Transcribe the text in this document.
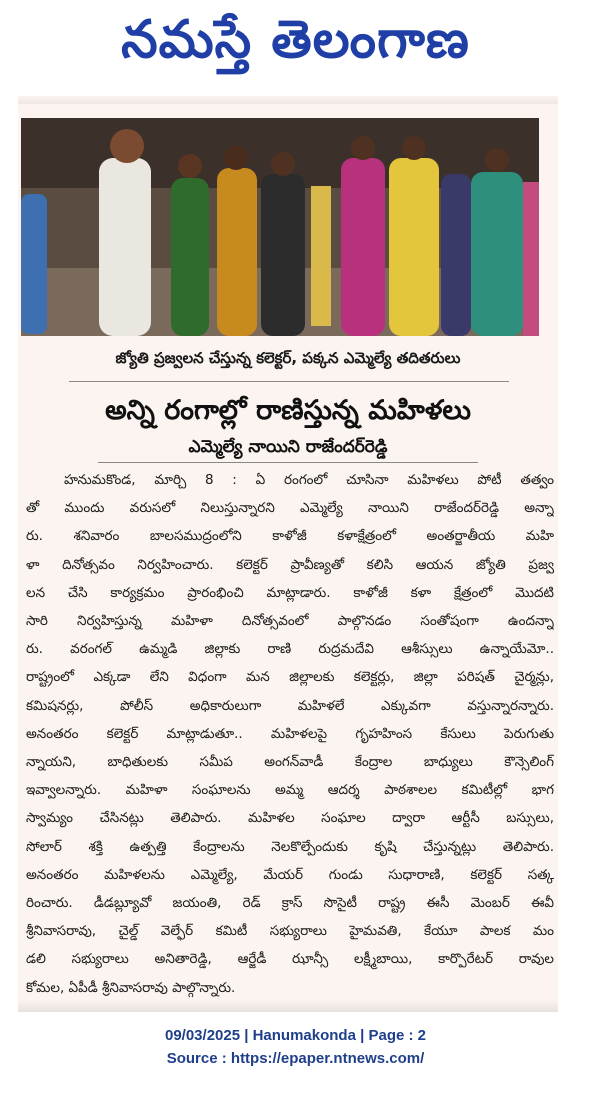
నమస్తే తెలంగాణ
జ్యోతి ప్రజ్వలన చేస్తున్న కలెక్టర్, పక్కన ఎమ్మెల్యే తదితరులు
అన్ని రంగాల్లో రాణిస్తున్న మహిళలు
ఎమ్మెల్యే నాయిని రాజేందర్‌రెడ్డి
హనుమకొండ, మార్చి 8 : ఏ రంగంలో చూసినా మహిళలు పోటీ తత్వం
తో ముందు వరుసలో నిలుస్తున్నారని ఎమ్మెల్యే నాయిని రాజేందర్‌రెడ్డి అన్నా
రు. శనివారం బాలసముద్రంలోని కాళోజీ కళాక్షేత్రంలో అంతర్జాతీయ మహి
ళా దినోత్సవం నిర్వహించారు. కలెక్టర్ ప్రావీణ్యతో కలిసి ఆయన జ్యోతి ప్రజ్వ
లన చేసి కార్యక్రమం ప్రారంభించి మాట్లాడారు. కాళోజీ కళా క్షేత్రంలో మొదటి
సారి నిర్వహిస్తున్న మహిళా దినోత్సవంలో పాల్గొనడం సంతోషంగా ఉందన్నా
రు. వరంగల్ ఉమ్మడి జిల్లాకు రాణి రుద్రమదేవి ఆశీస్సులు ఉన్నాయేమో..
రాష్ట్రంలో ఎక్కడా లేని విధంగా మన జిల్లాలకు కలెక్టర్లు, జిల్లా పరిషత్ చైర్మన్లు,
కమిషనర్లు, పోలీస్ అధికారులుగా మహిళలే ఎక్కువగా వస్తున్నారన్నారు.
అనంతరం కలెక్టర్ మాట్లాడుతూ.. మహిళలపై గృహహింస కేసులు పెరుగుతు
న్నాయని, బాధితులకు సమీప అంగన్‌వాడీ కేంద్రాల బాధ్యులు కౌన్సెలింగ్
ఇవ్వాలన్నారు. మహిళా సంఘాలను అమ్మ ఆదర్శ పాఠశాలల కమిటీల్లో భాగ
స్వామ్యం చేసినట్లు తెలిపారు. మహిళల సంఘాల ద్వారా ఆర్టీసీ బస్సులు,
సోలార్ శక్తి ఉత్పత్తి కేంద్రాలను నెలకొల్పేందుకు కృషి చేస్తున్నట్లు తెలిపారు.
అనంతరం మహిళలను ఎమ్మెల్యే, మేయర్ గుండు సుధారాణి, కలెక్టర్ సత్క
రించారు. డీడబ్ల్యూవో జయంతి, రెడ్ క్రాస్ సొసైటీ రాష్ట్ర ఈసీ మెంబర్ ఈవీ
శ్రీనివాసరావు, చైల్డ్ వెల్ఫేర్ కమిటీ సభ్యురాలు హైమవతి, కేయూ పాలక మం
డలి సభ్యురాలు అనితారెడ్డి, ఆర్జేడీ ఝాన్సీ లక్ష్మీబాయి, కార్పొరేటర్ రావుల
కోమల, ఏపీడీ శ్రీనివాసరావు పాల్గొన్నారు.
09/03/2025 | Hanumakonda | Page : 2
Source : https://epaper.ntnews.com/
